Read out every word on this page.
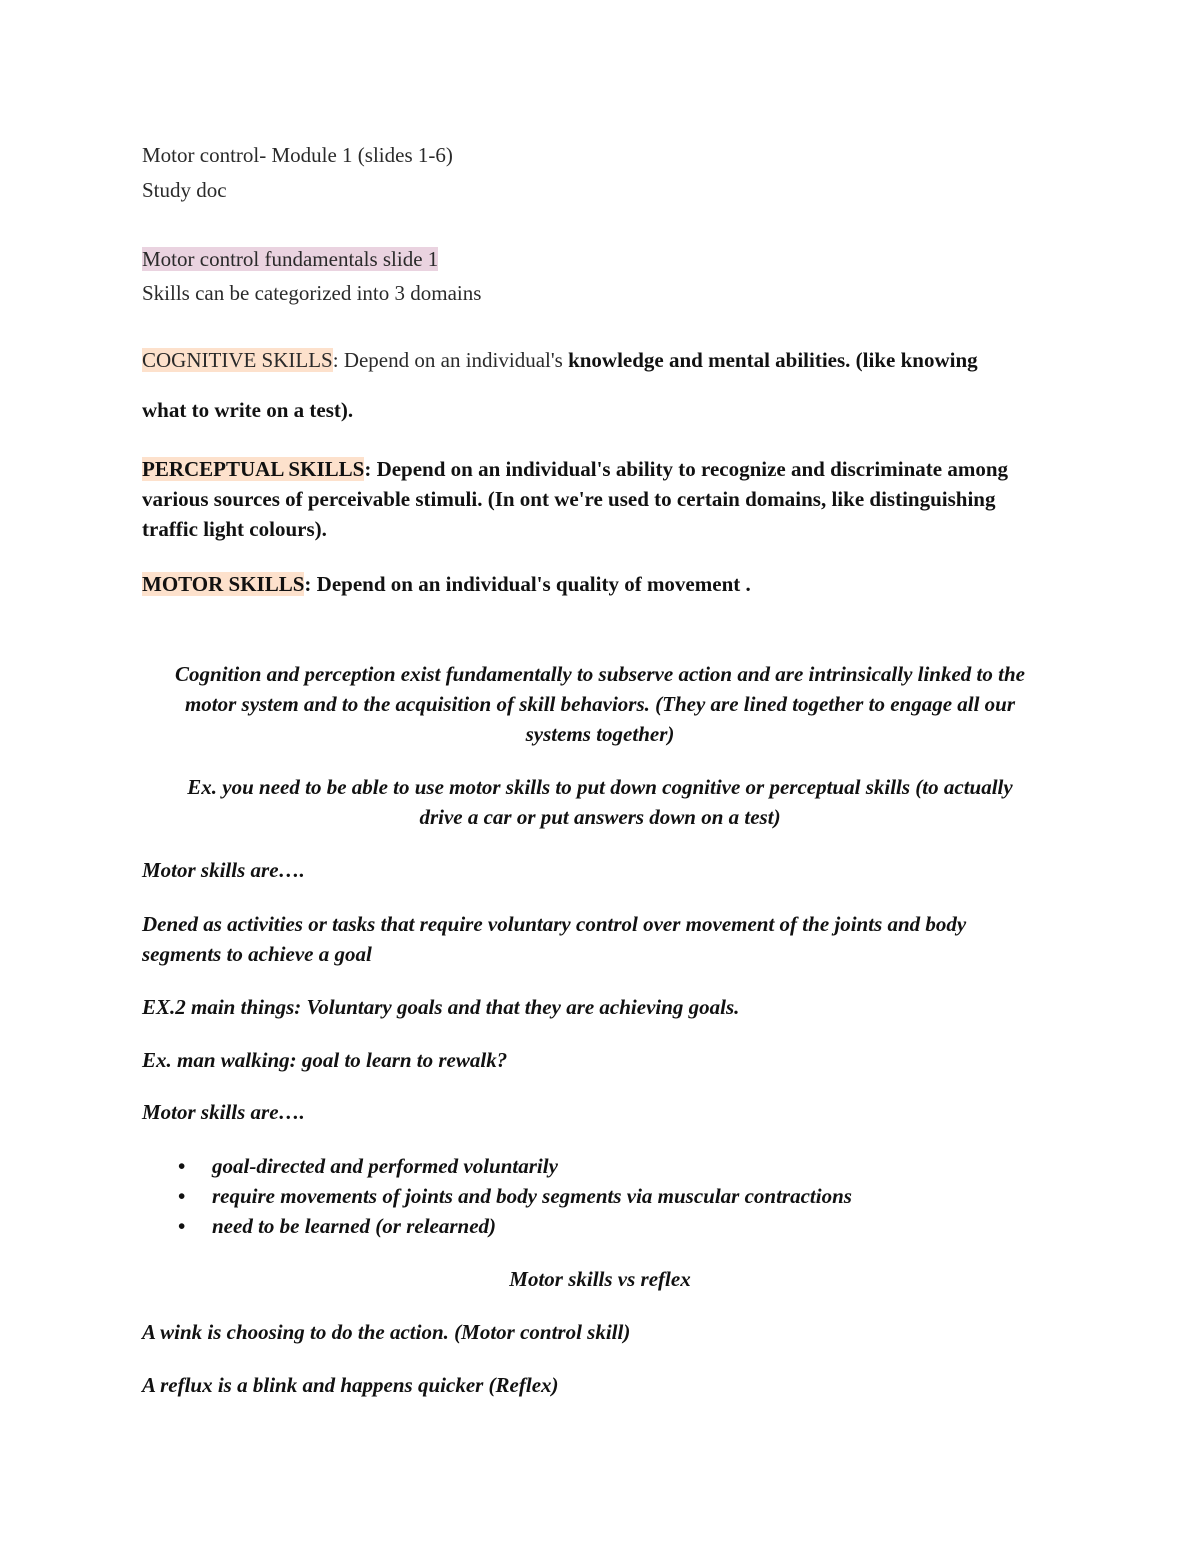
Motor control- Module 1 (slides 1-6)
Study doc
Motor control fundamentals slide 1
Skills can be categorized into 3 domains
COGNITIVE SKILLS: Depend on an individual's knowledge and mental abilities. (like knowing
what to write on a test).
PERCEPTUAL SKILLS: Depend on an individual's ability to recognize and discriminate among
various sources of perceivable stimuli. (In ont we're used to certain domains, like distinguishing
traffic light colours).
MOTOR SKILLS: Depend on an individual's quality of movement .
Cognition and perception exist fundamentally to subserve action and are intrinsically linked to the
motor system and to the acquisition of skill behaviors. (They are lined together to engage all our
systems together)
Ex. you need to be able to use motor skills to put down cognitive or perceptual skills (to actually
drive a car or put answers down on a test)
Motor skills are….
Dened as activities or tasks that require voluntary control over movement of the joints and body
segments to achieve a goal
EX.2 main things: Voluntary goals and that they are achieving goals.
Ex. man walking: goal to learn to rewalk?
Motor skills are….
• goal-directed and performed voluntarily
• require movements of joints and body segments via muscular contractions
• need to be learned (or relearned)
Motor skills vs reflex
A wink is choosing to do the action. (Motor control skill)
A reflux is a blink and happens quicker (Reflex)
